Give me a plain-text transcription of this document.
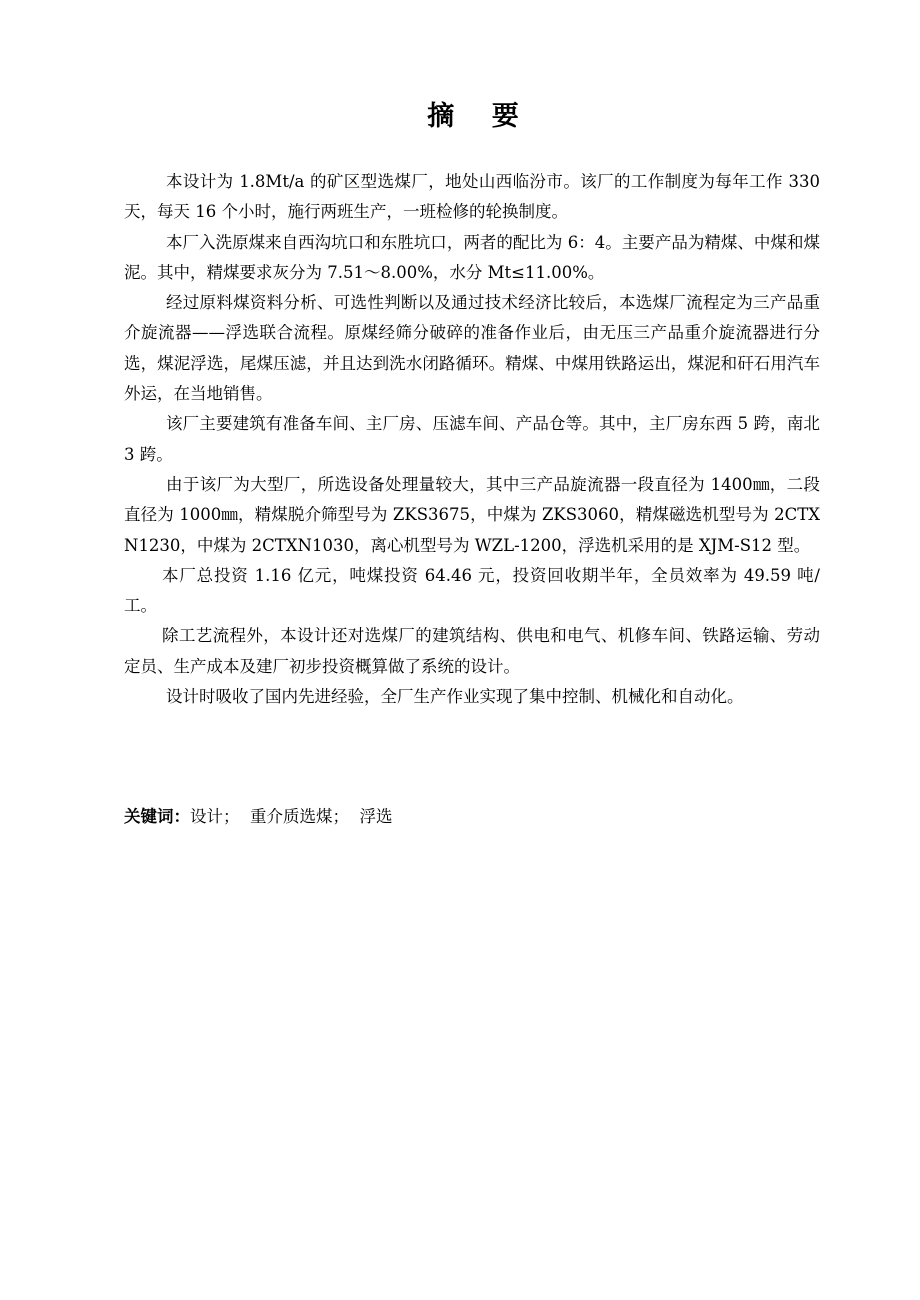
摘    要

本设计为 1.8Mt/a 的矿区型选煤厂，地处山西临汾市。该厂的工作制度为每年工作 330 天，每天 16 个小时，施行两班生产，一班检修的轮换制度。

本厂入洗原煤来自西沟坑口和东胜坑口，两者的配比为 6：4。主要产品为精煤、中煤和煤泥。其中，精煤要求灰分为 7.51～8.00%，水分 Mt≤11.00%。

经过原料煤资料分析、可选性判断以及通过技术经济比较后，本选煤厂流程定为三产品重介旋流器——浮选联合流程。原煤经筛分破碎的准备作业后，由无压三产品重介旋流器进行分选，煤泥浮选，尾煤压滤，并且达到洗水闭路循环。精煤、中煤用铁路运出，煤泥和矸石用汽车外运，在当地销售。

该厂主要建筑有准备车间、主厂房、压滤车间、产品仓等。其中，主厂房东西 5 跨，南北 3 跨。

由于该厂为大型厂，所选设备处理量较大，其中三产品旋流器一段直径为 1400㎜，二段直径为 1000㎜，精煤脱介筛型号为 ZKS3675，中煤为 ZKS3060，精煤磁选机型号为 2CTXN1230，中煤为 2CTXN1030，离心机型号为 WZL-1200，浮选机采用的是 XJM-S12 型。

本厂总投资 1.16 亿元，吨煤投资 64.46 元，投资回收期半年，全员效率为 49.59 吨/工。

除工艺流程外，本设计还对选煤厂的建筑结构、供电和电气、机修车间、铁路运输、劳动定员、生产成本及建厂初步投资概算做了系统的设计。

设计时吸收了国内先进经验，全厂生产作业实现了集中控制、机械化和自动化。

关键词：设计；  重介质选煤；  浮选
